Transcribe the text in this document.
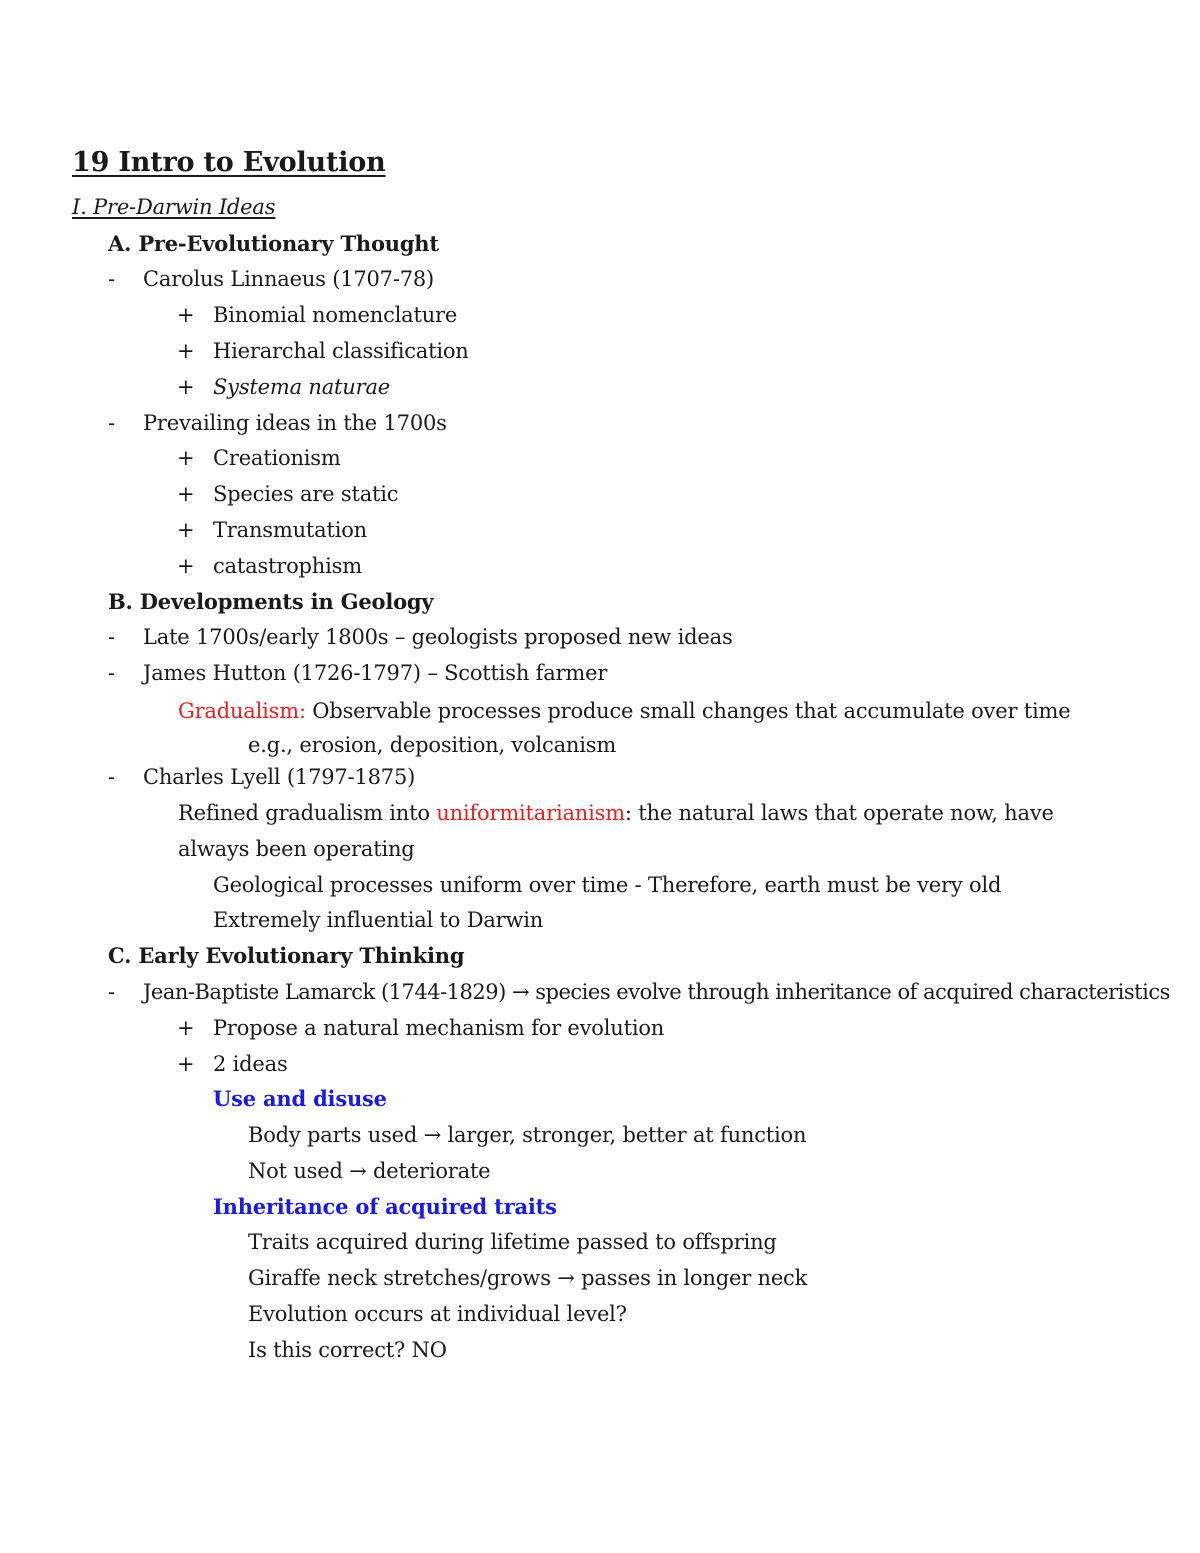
19 Intro to Evolution
I. Pre-Darwin Ideas
A. Pre-Evolutionary Thought
- Carolus Linnaeus (1707-78)
+ Binomial nomenclature
+ Hierarchal classification
+ Systema naturae
- Prevailing ideas in the 1700s
+ Creationism
+ Species are static
+ Transmutation
+ catastrophism
B. Developments in Geology
- Late 1700s/early 1800s – geologists proposed new ideas
- James Hutton (1726-1797) – Scottish farmer
Gradualism: Observable processes produce small changes that accumulate over time
e.g., erosion, deposition, volcanism
- Charles Lyell (1797-1875)
Refined gradualism into uniformitarianism: the natural laws that operate now, have
always been operating
Geological processes uniform over time - Therefore, earth must be very old
Extremely influential to Darwin
C. Early Evolutionary Thinking
- Jean-Baptiste Lamarck (1744-1829) → species evolve through inheritance of acquired characteristics
+ Propose a natural mechanism for evolution
+ 2 ideas
Use and disuse
Body parts used → larger, stronger, better at function
Not used → deteriorate
Inheritance of acquired traits
Traits acquired during lifetime passed to offspring
Giraffe neck stretches/grows → passes in longer neck
Evolution occurs at individual level?
Is this correct? NO
